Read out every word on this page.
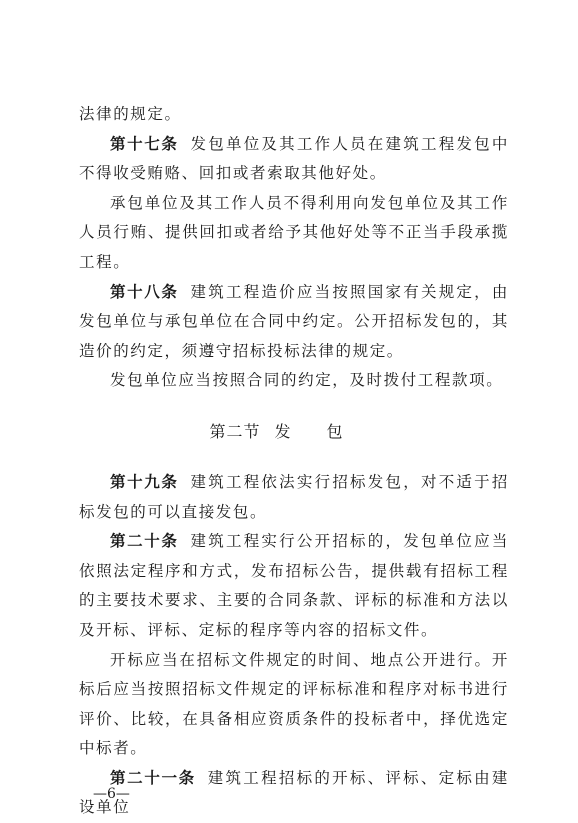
法律的规定。

第十七条 发包单位及其工作人员在建筑工程发包中不得收受贿赂、回扣或者索取其他好处。

承包单位及其工作人员不得利用向发包单位及其工作人员行贿、提供回扣或者给予其他好处等不正当手段承揽工程。

第十八条 建筑工程造价应当按照国家有关规定，由发包单位与承包单位在合同中约定。公开招标发包的，其造价的约定，须遵守招标投标法律的规定。

发包单位应当按照合同的约定，及时拨付工程款项。

第二节 发包

第十九条 建筑工程依法实行招标发包，对不适于招标发包的可以直接发包。

第二十条 建筑工程实行公开招标的，发包单位应当依照法定程序和方式，发布招标公告，提供载有招标工程的主要技术要求、主要的合同条款、评标的标准和方法以及开标、评标、定标的程序等内容的招标文件。

开标应当在招标文件规定的时间、地点公开进行。开标后应当按照招标文件规定的评标标准和程序对标书进行评价、比较，在具备相应资质条件的投标者中，择优选定中标者。

第二十一条 建筑工程招标的开标、评标、定标由建设单位

—6—
